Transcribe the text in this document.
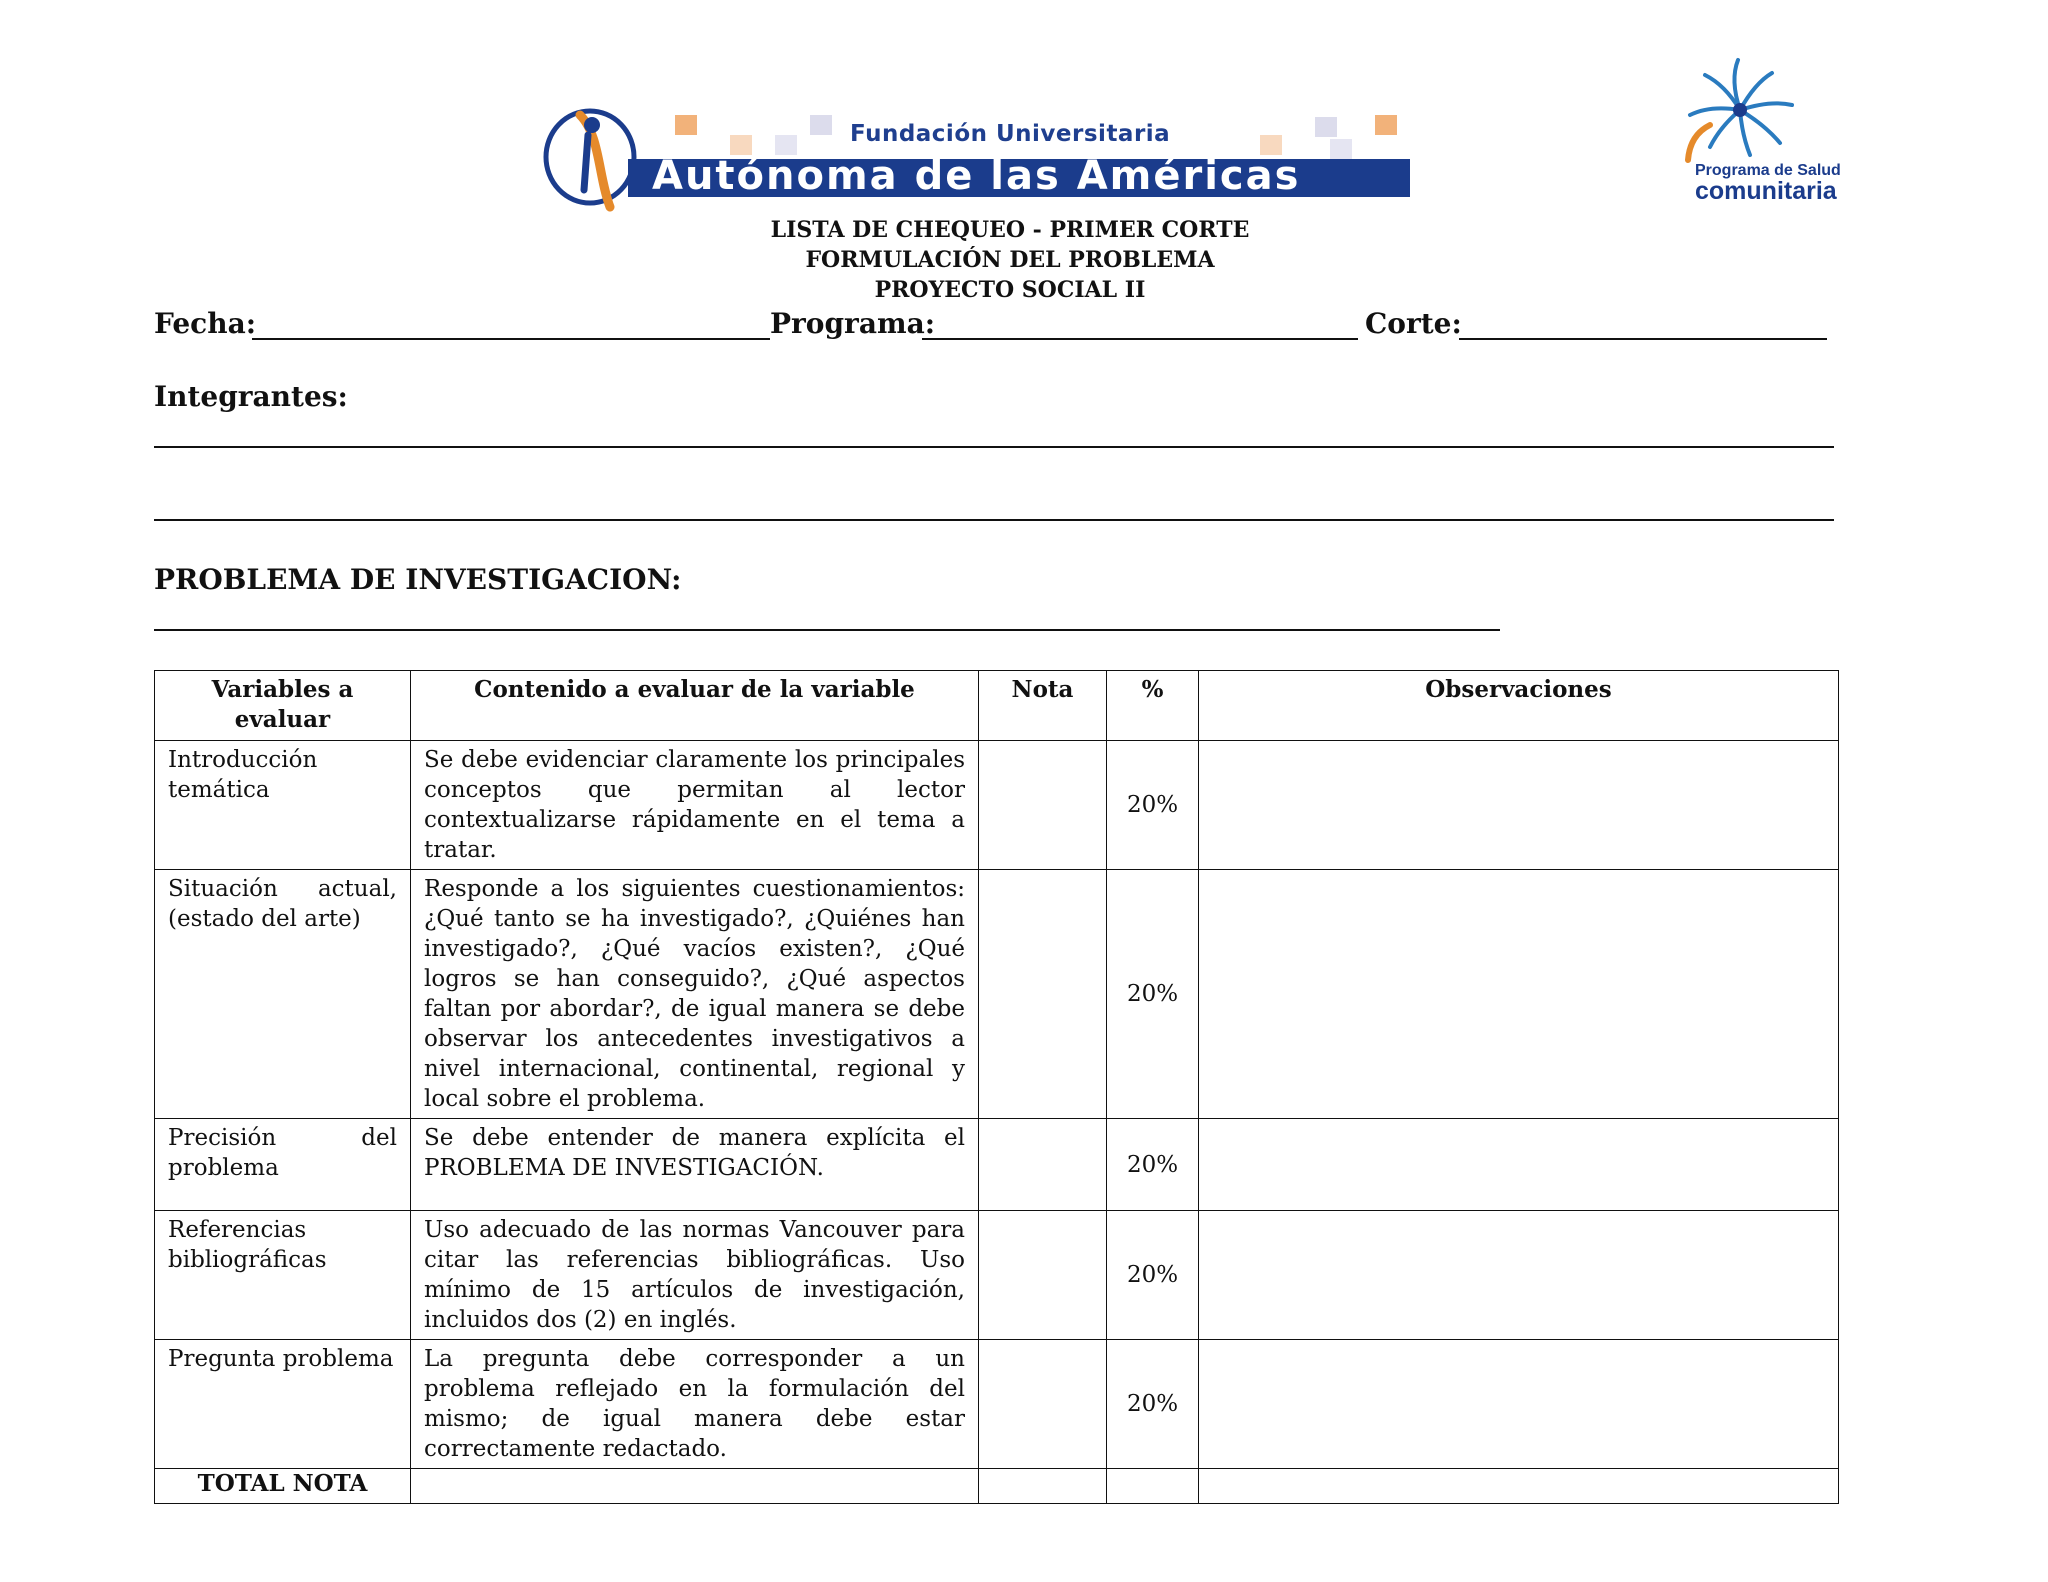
Fundación Universitaria
Autónoma de las Américas	Programa de Salud
comunitaria
LISTA DE CHEQUEO - PRIMER CORTE
FORMULACIÓN DEL PROBLEMA
PROYECTO SOCIAL II
Fecha:	Programa:	Corte:
Integrantes:
PROBLEMA DE INVESTIGACION:
Variables a evaluar	Contenido a evaluar de la variable	Nota	%	Observaciones
Introducción temática	Se debe evidenciar claramente los principales conceptos que permitan al lector contextualizarse rápidamente en el tema a tratar.		20%	
Situación actual, (estado del arte)	Responde a los siguientes cuestionamientos: ¿Qué tanto se ha investigado?, ¿Quiénes han investigado?, ¿Qué vacíos existen?, ¿Qué logros se han conseguido?, ¿Qué aspectos faltan por abordar?, de igual manera se debe observar los antecedentes investigativos a nivel internacional, continental, regional y local sobre el problema.		20%	
Precisión del problema	Se debe entender de manera explícita el PROBLEMA DE INVESTIGACIÓN.		20%	
Referencias bibliográficas	Uso adecuado de las normas Vancouver para citar las referencias bibliográficas. Uso mínimo de 15 artículos de investigación, incluidos dos (2) en inglés.		20%	
Pregunta problema	La pregunta debe corresponder a un problema reflejado en la formulación del mismo; de igual manera debe estar correctamente redactado.		20%	
TOTAL NOTA				
